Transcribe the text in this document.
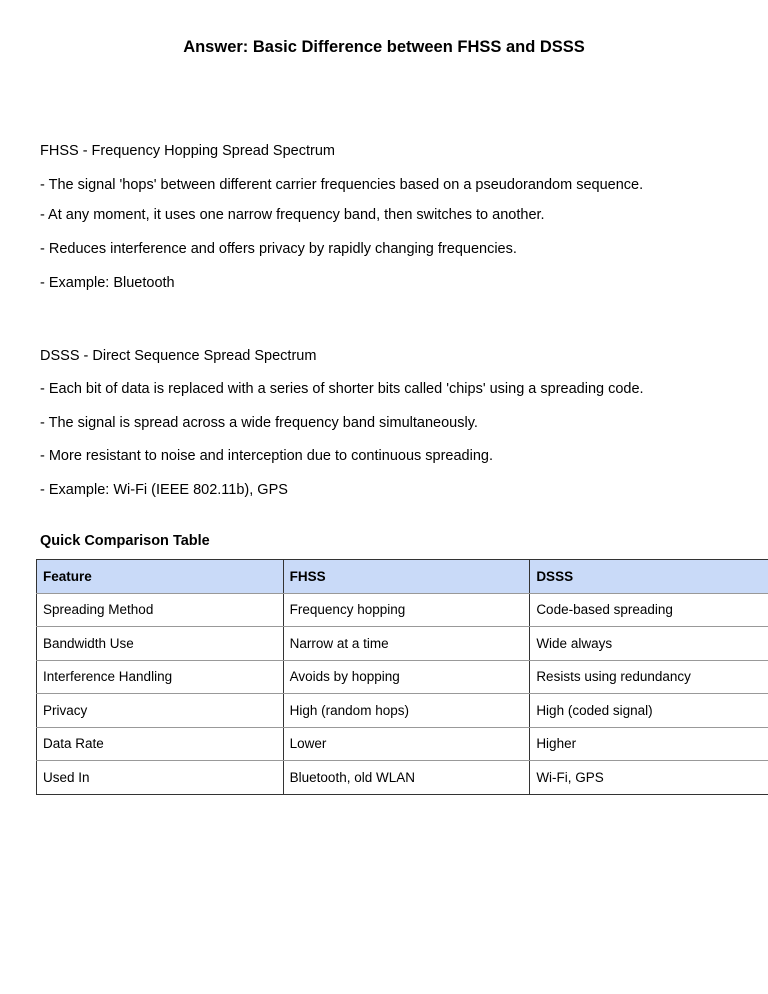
Answer: Basic Difference between FHSS and DSSS
FHSS - Frequency Hopping Spread Spectrum
- The signal 'hops' between different carrier frequencies based on a pseudorandom sequence.
- At any moment, it uses one narrow frequency band, then switches to another.
- Reduces interference and offers privacy by rapidly changing frequencies.
- Example: Bluetooth
DSSS - Direct Sequence Spread Spectrum
- Each bit of data is replaced with a series of shorter bits called 'chips' using a spreading code.
- The signal is spread across a wide frequency band simultaneously.
- More resistant to noise and interception due to continuous spreading.
- Example: Wi-Fi (IEEE 802.11b), GPS
Quick Comparison Table
Feature	FHSS	DSSS
Spreading Method	Frequency hopping	Code-based spreading
Bandwidth Use	Narrow at a time	Wide always
Interference Handling	Avoids by hopping	Resists using redundancy
Privacy	High (random hops)	High (coded signal)
Data Rate	Lower	Higher
Used In	Bluetooth, old WLAN	Wi-Fi, GPS
